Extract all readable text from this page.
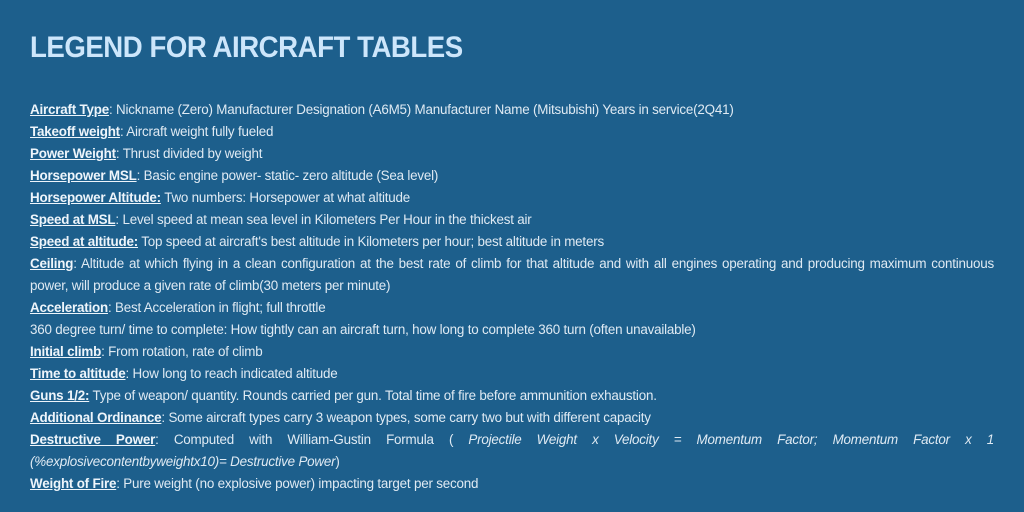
LEGEND FOR AIRCRAFT TABLES
Aircraft Type: Nickname (Zero) Manufacturer Designation (A6M5) Manufacturer Name (Mitsubishi) Years in service(2Q41)
Takeoff weight: Aircraft weight fully fueled
Power Weight: Thrust divided by weight
Horsepower MSL: Basic engine power- static- zero altitude (Sea level)
Horsepower Altitude: Two numbers: Horsepower at what altitude
Speed at MSL: Level speed at mean sea level in Kilometers Per Hour in the thickest air
Speed at altitude: Top speed at aircraft's best altitude in Kilometers per hour; best altitude in meters
Ceiling: Altitude at which flying in a clean configuration at the best rate of climb for that altitude and with all engines operating and producing maximum continuous power, will produce a given rate of climb(30 meters per minute)
Acceleration: Best Acceleration in flight; full throttle
360 degree turn/ time to complete: How tightly can an aircraft turn, how long to complete 360 turn (often unavailable)
Initial climb: From rotation, rate of climb
Time to altitude: How long to reach indicated altitude
Guns 1/2: Type of weapon/ quantity. Rounds carried per gun. Total time of fire before ammunition exhaustion.
Additional Ordinance: Some aircraft types carry 3 weapon types, some carry two but with different capacity
Destructive Power: Computed with William-Gustin Formula ( Projectile Weight x Velocity = Momentum Factor; Momentum Factor x 1 (%explosivecontentbyweightx10)= Destructive Power)
Weight of Fire: Pure weight (no explosive power) impacting target per second
